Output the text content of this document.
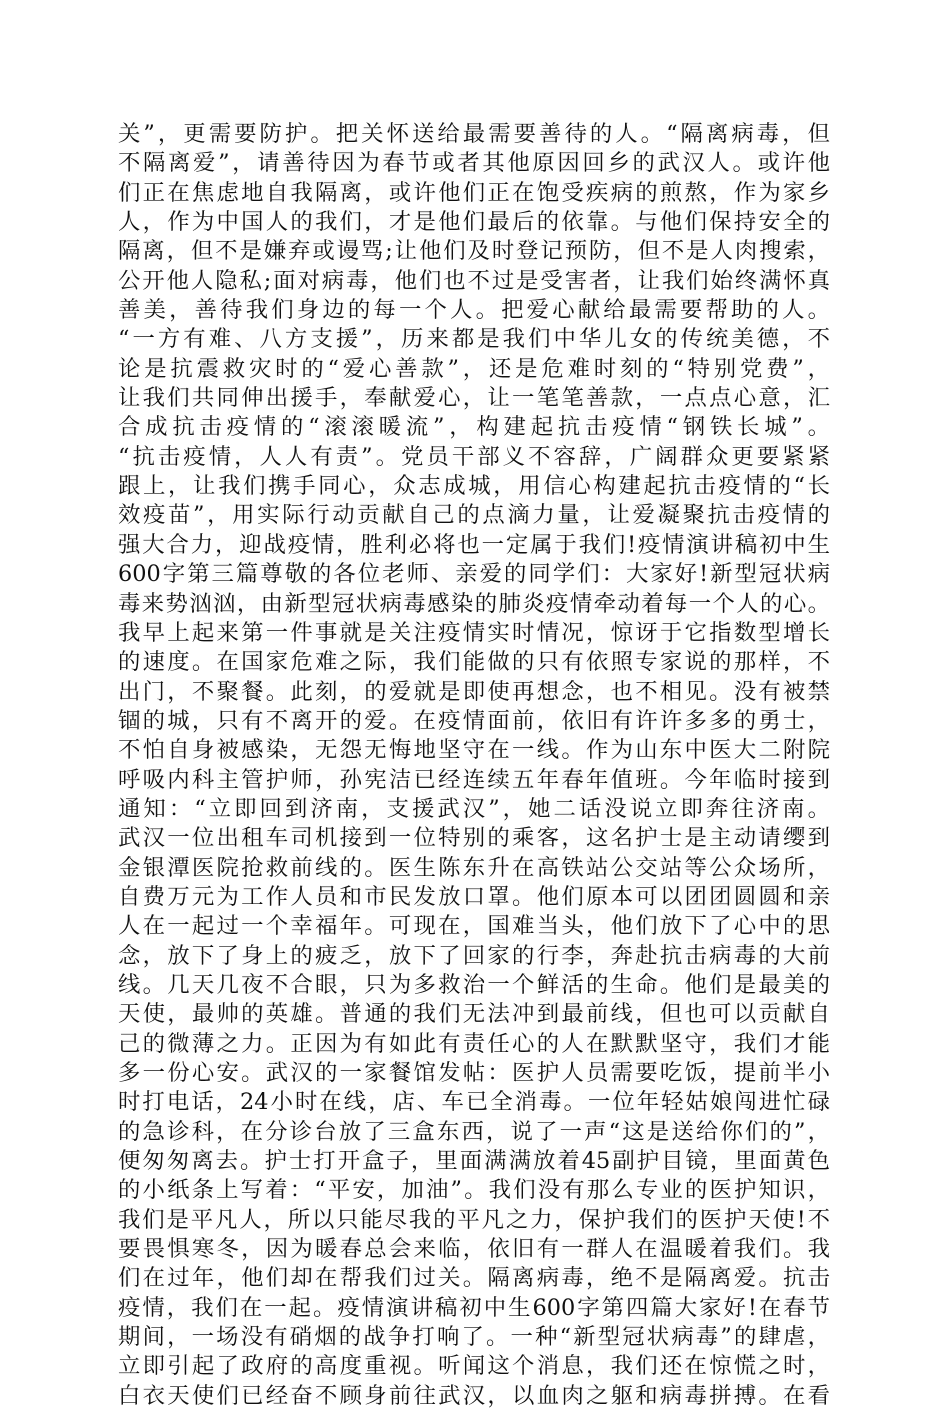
关”，更需要防护。把关怀送给最需要善待的人。“隔离病毒，但
不隔离爱”，请善待因为春节或者其他原因回乡的武汉人。或许他
们正在焦虑地自我隔离，或许他们正在饱受疾病的煎熬，作为家乡
人，作为中国人的我们，才是他们最后的依靠。与他们保持安全的
隔离，但不是嫌弃或谩骂;让他们及时登记预防，但不是人肉搜索，
公开他人隐私;面对病毒，他们也不过是受害者，让我们始终满怀真
善美，善待我们身边的每一个人。把爱心献给最需要帮助的人。
“一方有难、八方支援”，历来都是我们中华儿女的传统美德，不
论是抗震救灾时的“爱心善款”，还是危难时刻的“特别党费”，
让我们共同伸出援手，奉献爱心，让一笔笔善款，一点点心意，汇
合成抗击疫情的“滚滚暖流”，构建起抗击疫情“钢铁长城”。
“抗击疫情，人人有责”。党员干部义不容辞，广阔群众更要紧紧
跟上，让我们携手同心，众志成城，用信心构建起抗击疫情的“长
效疫苗”，用实际行动贡献自己的点滴力量，让爱凝聚抗击疫情的
强大合力，迎战疫情，胜利必将也一定属于我们!疫情演讲稿初中生
600字第三篇尊敬的各位老师、亲爱的同学们：大家好!新型冠状病
毒来势汹汹，由新型冠状病毒感染的肺炎疫情牵动着每一个人的心。
我早上起来第一件事就是关注疫情实时情况，惊讶于它指数型增长
的速度。在国家危难之际，我们能做的只有依照专家说的那样，不
出门，不聚餐。此刻，的爱就是即使再想念，也不相见。没有被禁
锢的城，只有不离开的爱。在疫情面前，依旧有许许多多的勇士，
不怕自身被感染，无怨无悔地坚守在一线。作为山东中医大二附院
呼吸内科主管护师，孙宪洁已经连续五年春年值班。今年临时接到
通知：“立即回到济南，支援武汉”，她二话没说立即奔往济南。
武汉一位出租车司机接到一位特别的乘客，这名护士是主动请缨到
金银潭医院抢救前线的。医生陈东升在高铁站公交站等公众场所，
自费万元为工作人员和市民发放口罩。他们原本可以团团圆圆和亲
人在一起过一个幸福年。可现在，国难当头，他们放下了心中的思
念，放下了身上的疲乏，放下了回家的行李，奔赴抗击病毒的大前
线。几天几夜不合眼，只为多救治一个鲜活的生命。他们是最美的
天使，最帅的英雄。普通的我们无法冲到最前线，但也可以贡献自
己的微薄之力。正因为有如此有责任心的人在默默坚守，我们才能
多一份心安。武汉的一家餐馆发帖：医护人员需要吃饭，提前半小
时打电话，24小时在线，店、车已全消毒。一位年轻姑娘闯进忙碌
的急诊科，在分诊台放了三盒东西，说了一声“这是送给你们的”，
便匆匆离去。护士打开盒子，里面满满放着45副护目镜，里面黄色
的小纸条上写着：“平安，加油”。我们没有那么专业的医护知识，
我们是平凡人，所以只能尽我的平凡之力，保护我们的医护天使!不
要畏惧寒冬，因为暖春总会来临，依旧有一群人在温暖着我们。我
们在过年，他们却在帮我们过关。隔离病毒，绝不是隔离爱。抗击
疫情，我们在一起。疫情演讲稿初中生600字第四篇大家好!在春节
期间，一场没有硝烟的战争打响了。一种“新型冠状病毒”的肆虐，
立即引起了政府的高度重视。听闻这个消息，我们还在惊慌之时，
白衣天使们已经奋不顾身前往武汉，以血肉之躯和病毒拼搏。在看
